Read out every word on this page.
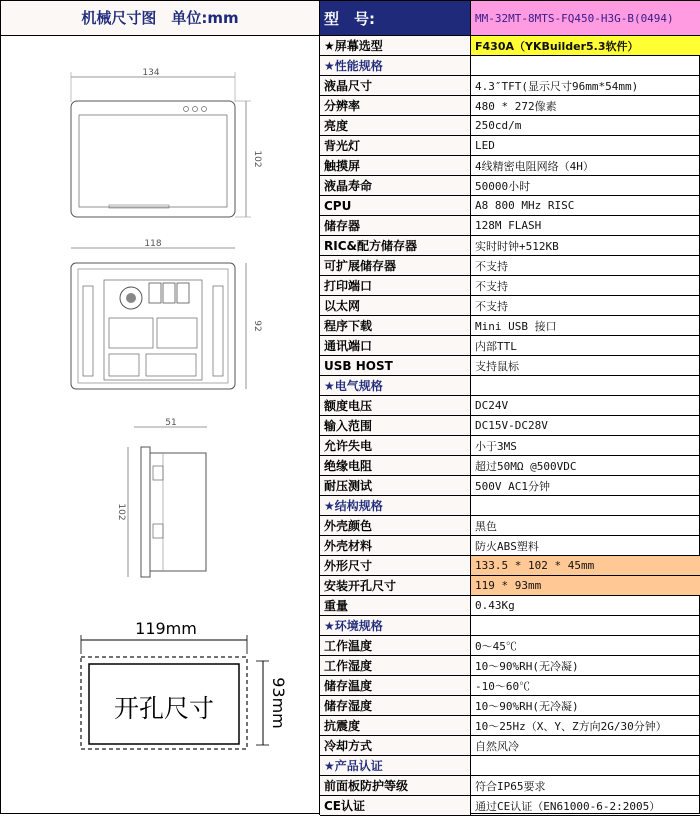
机械尺寸图　单位:mm
134
102
118
92
51
102
119mm
开孔尺寸	93mm
型　号:	MM-32MT-8MTS-FQ450-H3G-B(0494)
★屏幕选型	F430A（YKBuilder5.3软件）
★性能规格	
液晶尺寸	4.3″TFT(显示尺寸96mm*54mm)
分辨率	480 * 272像素
亮度	250cd/m
背光灯	LED
触摸屏	4线精密电阻网络（4H）
液晶寿命	50000小时
CPU	A8 800 MHz RISC
储存器	128M FLASH
RIC&配方储存器	实时时钟+512KB
可扩展储存器	不支持
打印端口	不支持
以太网	不支持
程序下载	Mini USB 接口
通讯端口	内部TTL
USB HOST	支持鼠标
★电气规格	
额度电压	DC24V
输入范围	DC15V-DC28V
允许失电	小于3MS
绝缘电阻	超过50MΩ @500VDC
耐压测试	500V AC1分钟
★结构规格	
外壳颜色	黑色
外壳材料	防火ABS塑料
外形尺寸	133.5 * 102 * 45mm
安装开孔尺寸	119 * 93mm
重量	0.43Kg
★环境规格	
工作温度	0～45℃
工作湿度	10～90%RH(无冷凝)
储存温度	-10～60℃
储存湿度	10～90%RH(无冷凝)
抗震度	10～25Hz（X、Y、Z方向2G/30分钟）
冷却方式	自然风冷
★产品认证	
前面板防护等级	符合IP65要求
CE认证	通过CE认证（EN61000-6-2:2005）
